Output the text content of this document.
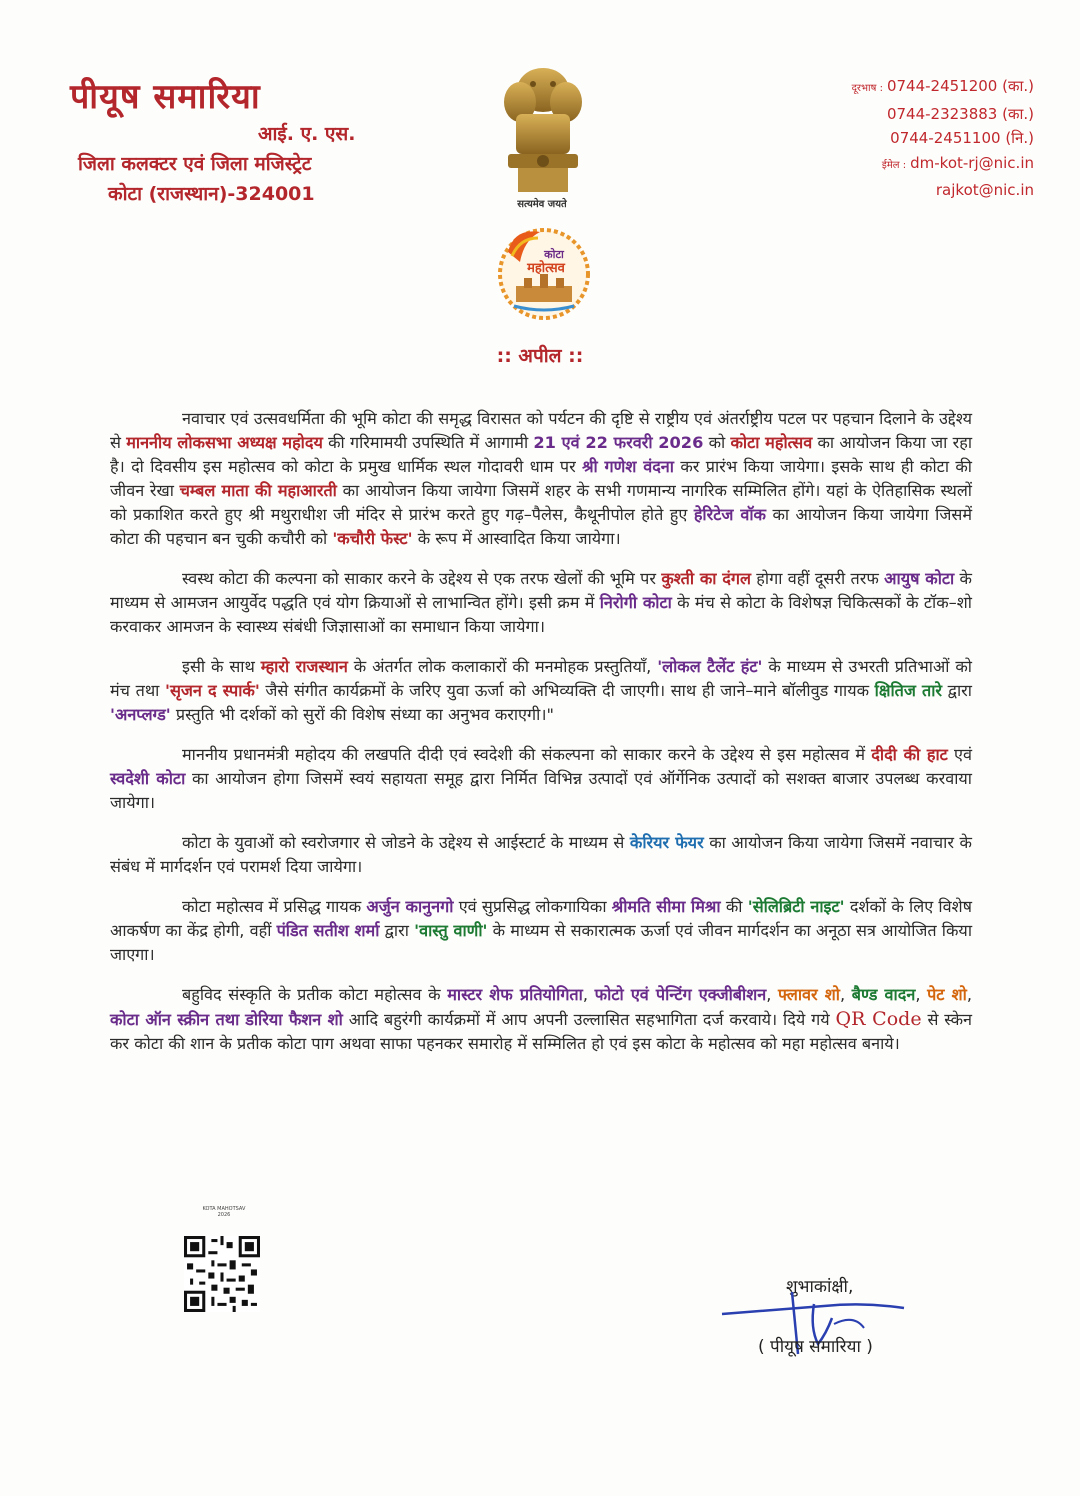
पीयूष समारिया
आई. ए. एस.
जिला कलक्टर एवं जिला मजिस्ट्रेट
कोटा (राजस्थान)-324001
दूरभाष : 0744-2451200 (का.)
0744-2323883 (का.)
0744-2451100 (नि.)
ईमेल : dm-kot-rj@nic.in
rajkot@nic.in
सत्यमेव जयते
कोटा
महोत्सव
:: अपील ::

नवाचार एवं उत्सवधर्मिता की भूमि कोटा की समृद्ध विरासत को पर्यटन की दृष्टि से राष्ट्रीय एवं अंतर्राष्ट्रीय पटल पर पहचान दिलाने के उद्देश्य से माननीय लोकसभा अध्यक्ष महोदय की गरिमामयी उपस्थिति में आगामी 21 एवं 22 फरवरी 2026 को कोटा महोत्सव का आयोजन किया जा रहा है। दो दिवसीय इस महोत्सव को कोटा के प्रमुख धार्मिक स्थल गोदावरी धाम पर श्री गणेश वंदना कर प्रारंभ किया जायेगा। इसके साथ ही कोटा की जीवन रेखा चम्बल माता की महाआरती का आयोजन किया जायेगा जिसमें शहर के सभी गणमान्य नागरिक सम्मिलित होंगे। यहां के ऐतिहासिक स्थलों को प्रकाशित करते हुए श्री मथुराधीश जी मंदिर से प्रारंभ करते हुए गढ़–पैलेस, कैथूनीपोल होते हुए हेरिटेज वॉक का आयोजन किया जायेगा जिसमें कोटा की पहचान बन चुकी कचौरी को 'कचौरी फेस्ट' के रूप में आस्वादित किया जायेगा।

स्वस्थ कोटा की कल्पना को साकार करने के उद्देश्य से एक तरफ खेलों की भूमि पर कुश्ती का दंगल होगा वहीं दूसरी तरफ आयुष कोटा के माध्यम से आमजन आयुर्वेद पद्धति एवं योग क्रियाओं से लाभान्वित होंगे। इसी क्रम में निरोगी कोटा के मंच से कोटा के विशेषज्ञ चिकित्सकों के टॉक–शो करवाकर आमजन के स्वास्थ्य संबंधी जिज्ञासाओं का समाधान किया जायेगा।

इसी के साथ म्हारो राजस्थान के अंतर्गत लोक कलाकारों की मनमोहक प्रस्तुतियाँ, 'लोकल टैलेंट हंट' के माध्यम से उभरती प्रतिभाओं को मंच तथा 'सृजन द स्पार्क' जैसे संगीत कार्यक्रमों के जरिए युवा ऊर्जा को अभिव्यक्ति दी जाएगी। साथ ही जाने–माने बॉलीवुड गायक क्षितिज तारे द्वारा 'अनप्लग्ड' प्रस्तुति भी दर्शकों को सुरों की विशेष संध्या का अनुभव कराएगी।"

माननीय प्रधानमंत्री महोदय की लखपति दीदी एवं स्वदेशी की संकल्पना को साकार करने के उद्देश्य से इस महोत्सव में दीदी की हाट एवं स्वदेशी कोटा का आयोजन होगा जिसमें स्वयं सहायता समूह द्वारा निर्मित विभिन्न उत्पादों एवं ऑर्गेनिक उत्पादों को सशक्त बाजार उपलब्ध करवाया जायेगा।

कोटा के युवाओं को स्वरोजगार से जोडने के उद्देश्य से आईस्टार्ट के माध्यम से केरियर फेयर का आयोजन किया जायेगा जिसमें नवाचार के संबंध में मार्गदर्शन एवं परामर्श दिया जायेगा।

कोटा महोत्सव में प्रसिद्ध गायक अर्जुन कानुनगो एवं सुप्रसिद्ध लोकगायिका श्रीमति सीमा मिश्रा की 'सेलिब्रिटी नाइट' दर्शकों के लिए विशेष आकर्षण का केंद्र होगी, वहीं पंडित सतीश शर्मा द्वारा 'वास्तु वाणी' के माध्यम से सकारात्मक ऊर्जा एवं जीवन मार्गदर्शन का अनूठा सत्र आयोजित किया जाएगा।

बहुविद संस्कृति के प्रतीक कोटा महोत्सव के मास्टर शेफ प्रतियोगिता, फोटो एवं पेन्टिंग एक्जीबीशन, फ्लावर शो, बैण्ड वादन, पेट शो, कोटा ऑन स्क्रीन तथा डोरिया फैशन शो आदि बहुरंगी कार्यक्रमों में आप अपनी उल्लासित सहभागिता दर्ज करवाये। दिये गये QR Code से स्केन कर कोटा की शान के प्रतीक कोटा पाग अथवा साफा पहनकर समारोह में सम्मिलित हो एवं इस कोटा के महोत्सव को महा महोत्सव बनाये।

KOTA MAHOTSAV
2026
शुभाकांक्षी,
( पीयूष समारिया )
